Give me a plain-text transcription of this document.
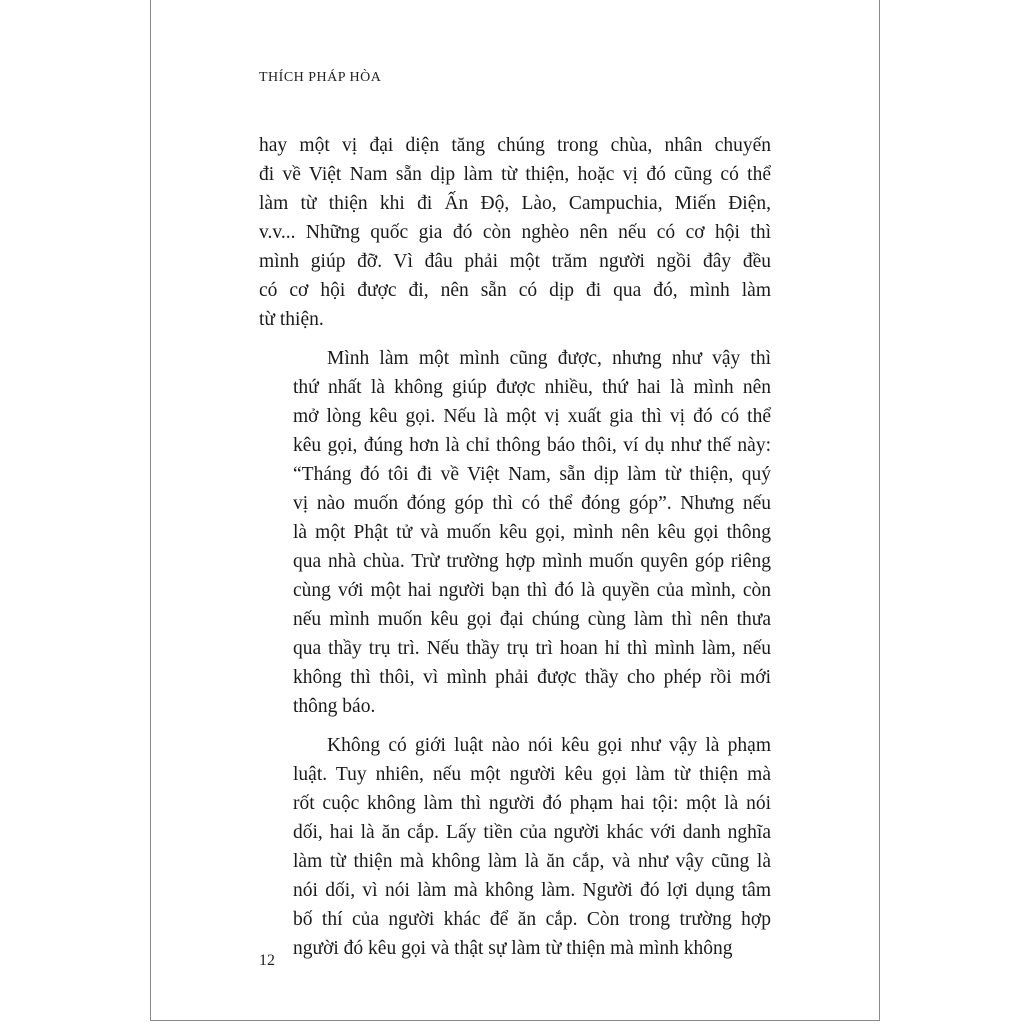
THÍCH PHÁP HÒA
hay một vị đại diện tăng chúng trong chùa, nhân chuyến
đi về Việt Nam sẵn dịp làm từ thiện, hoặc vị đó cũng có thể
làm từ thiện khi đi Ấn Độ, Lào, Campuchia, Miến Điện,
v.v... Những quốc gia đó còn nghèo nên nếu có cơ hội thì
mình giúp đỡ. Vì đâu phải một trăm người ngồi đây đều
có cơ hội được đi, nên sẵn có dịp đi qua đó, mình làm
từ thiện.
Mình làm một mình cũng được, nhưng như vậy thì
thứ nhất là không giúp được nhiều, thứ hai là mình nên
mở lòng kêu gọi. Nếu là một vị xuất gia thì vị đó có thể
kêu gọi, đúng hơn là chỉ thông báo thôi, ví dụ như thế này:
“Tháng đó tôi đi về Việt Nam, sẵn dịp làm từ thiện, quý
vị nào muốn đóng góp thì có thể đóng góp”. Nhưng nếu
là một Phật tử và muốn kêu gọi, mình nên kêu gọi thông
qua nhà chùa. Trừ trường hợp mình muốn quyên góp riêng
cùng với một hai người bạn thì đó là quyền của mình, còn
nếu mình muốn kêu gọi đại chúng cùng làm thì nên thưa
qua thầy trụ trì. Nếu thầy trụ trì hoan hỉ thì mình làm, nếu
không thì thôi, vì mình phải được thầy cho phép rồi mới
thông báo.
Không có giới luật nào nói kêu gọi như vậy là phạm
luật. Tuy nhiên, nếu một người kêu gọi làm từ thiện mà
rốt cuộc không làm thì người đó phạm hai tội: một là nói
dối, hai là ăn cắp. Lấy tiền của người khác với danh nghĩa
làm từ thiện mà không làm là ăn cắp, và như vậy cũng là
nói dối, vì nói làm mà không làm. Người đó lợi dụng tâm
bố thí của người khác để ăn cắp. Còn trong trường hợp
người đó kêu gọi và thật sự làm từ thiện mà mình không
12
